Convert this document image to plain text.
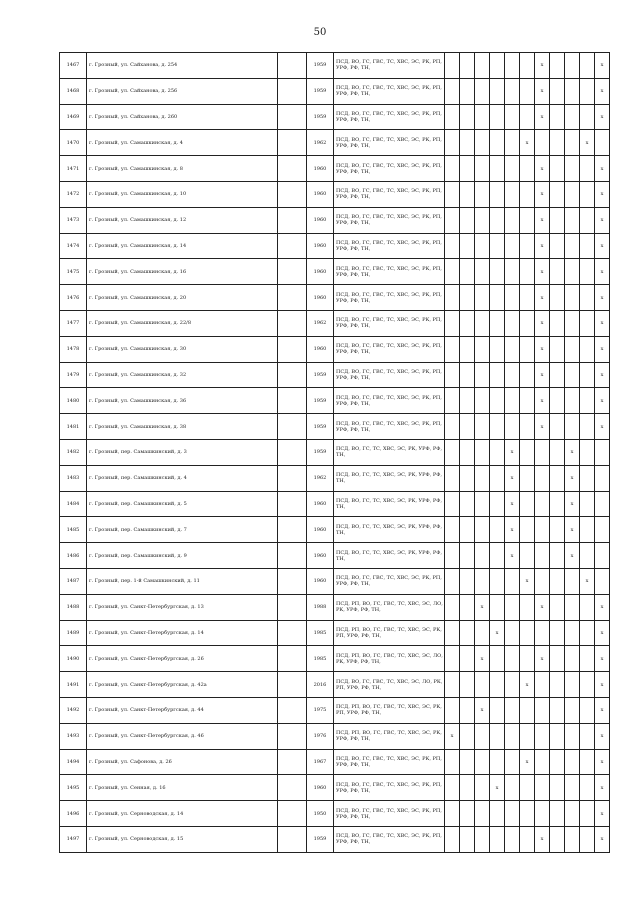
50
1467	г. Грозный, ул. Сайханова, д. 254		1959	ПСД, ВО, ГС, ГВС, ТС, ХВС, ЭС, РК, РП, УРФ, РФ, ТН,							x				x
1468	г. Грозный, ул. Сайханова, д. 256		1959	ПСД, ВО, ГС, ГВС, ТС, ХВС, ЭС, РК, РП, УРФ, РФ, ТН,							x				x
1469	г. Грозный, ул. Сайханова, д. 260		1959	ПСД, ВО, ГС, ГВС, ТС, ХВС, ЭС, РК, РП, УРФ, РФ, ТН,							x				x
1470	г. Грозный, ул. Самашкинская, д. 4		1962	ПСД, ВО, ГС, ГВС, ТС, ХВС, ЭС, РК, РП, УРФ, РФ, ТН,						x				x	
1471	г. Грозный, ул. Самашкинская, д. 8		1960	ПСД, ВО, ГС, ГВС, ТС, ХВС, ЭС, РК, РП, УРФ, РФ, ТН,							x				x
1472	г. Грозный, ул. Самашкинская, д. 10		1960	ПСД, ВО, ГС, ГВС, ТС, ХВС, ЭС, РК, РП, УРФ, РФ, ТН,							x				x
1473	г. Грозный, ул. Самашкинская, д. 12		1960	ПСД, ВО, ГС, ГВС, ТС, ХВС, ЭС, РК, РП, УРФ, РФ, ТН,							x				x
1474	г. Грозный, ул. Самашкинская, д. 14		1960	ПСД, ВО, ГС, ГВС, ТС, ХВС, ЭС, РК, РП, УРФ, РФ, ТН,							x				x
1475	г. Грозный, ул. Самашкинская, д. 16		1960	ПСД, ВО, ГС, ГВС, ТС, ХВС, ЭС, РК, РП, УРФ, РФ, ТН,							x				x
1476	г. Грозный, ул. Самашкинская, д. 20		1960	ПСД, ВО, ГС, ГВС, ТС, ХВС, ЭС, РК, РП, УРФ, РФ, ТН,							x				x
1477	г. Грозный, ул. Самашкинская, д. 22/8		1962	ПСД, ВО, ГС, ГВС, ТС, ХВС, ЭС, РК, РП, УРФ, РФ, ТН,							x				x
1478	г. Грозный, ул. Самашкинская, д. 30		1960	ПСД, ВО, ГС, ГВС, ТС, ХВС, ЭС, РК, РП, УРФ, РФ, ТН,							x				x
1479	г. Грозный, ул. Самашкинская, д. 32		1959	ПСД, ВО, ГС, ГВС, ТС, ХВС, ЭС, РК, РП, УРФ, РФ, ТН,							x				x
1480	г. Грозный, ул. Самашкинская, д. 36		1959	ПСД, ВО, ГС, ГВС, ТС, ХВС, ЭС, РК, РП, УРФ, РФ, ТН,							x				x
1481	г. Грозный, ул. Самашкинская, д. 38		1959	ПСД, ВО, ГС, ГВС, ТС, ХВС, ЭС, РК, РП, УРФ, РФ, ТН,							x				x
1482	г. Грозный, пер. Самашкинский, д. 3		1959	ПСД, ВО, ГС, ТС, ХВС, ЭС, РК, УРФ, РФ, ТН,					x				x		
1483	г. Грозный, пер. Самашкинский, д. 4		1962	ПСД, ВО, ГС, ТС, ХВС, ЭС, РК, УРФ, РФ, ТН,					x				x		
1484	г. Грозный, пер. Самашкинский, д. 5		1960	ПСД, ВО, ГС, ТС, ХВС, ЭС, РК, УРФ, РФ, ТН,					x				x		
1485	г. Грозный, пер. Самашкинский, д. 7		1960	ПСД, ВО, ГС, ТС, ХВС, ЭС, РК, УРФ, РФ, ТН,					x				x		
1486	г. Грозный, пер. Самашкинский, д. 9		1960	ПСД, ВО, ГС, ТС, ХВС, ЭС, РК, УРФ, РФ, ТН,					x				x		
1487	г. Грозный, пер. 1-й Самашкинский, д. 11		1960	ПСД, ВО, ГС, ГВС, ТС, ХВС, ЭС, РК, РП, УРФ, РФ, ТН,						x				x	
1488	г. Грозный, ул. Санкт-Петербургская, д. 13		1988	ПСД, РП, ВО, ГС, ГВС, ТС, ХВС, ЭС, ЛО, РК, УРФ, РФ, ТН,			x				x				x
1489	г. Грозный, ул. Санкт-Петербургская, д. 14		1985	ПСД, РП, ВО, ГС, ГВС, ТС, ХВС, ЭС, РК, РП, УРФ, РФ, ТН,				x							x
1490	г. Грозный, ул. Санкт-Петербургская, д. 26		1985	ПСД, РП, ВО, ГС, ГВС, ТС, ХВС, ЭС, ЛО, РК, УРФ, РФ, ТН,			x				x				x
1491	г. Грозный, ул. Санкт-Петербургская, д. 42а		2016	ПСД, ВО, ГС, ГВС, ТС, ХВС, ЭС, ЛО, РК, РП, УРФ, РФ, ТН,						x					x
1492	г. Грозный, ул. Санкт-Петербургская, д. 44		1975	ПСД, РП, ВО, ГС, ГВС, ТС, ХВС, ЭС, РК, РП, УРФ, РФ, ТН,			x								x
1493	г. Грозный, ул. Санкт-Петербургская, д. 46		1976	ПСД, РП, ВО, ГС, ГВС, ТС, ХВС, ЭС, РК, УРФ, РФ, ТН,	x										x
1494	г. Грозный, ул. Сафонова, д. 26		1967	ПСД, ВО, ГС, ГВС, ТС, ХВС, ЭС, РК, РП, УРФ, РФ, ТН,						x					x
1495	г. Грозный, ул. Сенная, д. 16		1960	ПСД, ВО, ГС, ГВС, ТС, ХВС, ЭС, РК, РП, УРФ, РФ, ТН,				x							x
1496	г. Грозный, ул. Серноводская, д. 14		1950	ПСД, ВО, ГС, ГВС, ТС, ХВС, ЭС, РК, РП, УРФ, РФ, ТН,											x
1497	г. Грозный, ул. Серноводская, д. 15		1959	ПСД, ВО, ГС, ГВС, ТС, ХВС, ЭС, РК, РП, УРФ, РФ, ТН,							x				x
